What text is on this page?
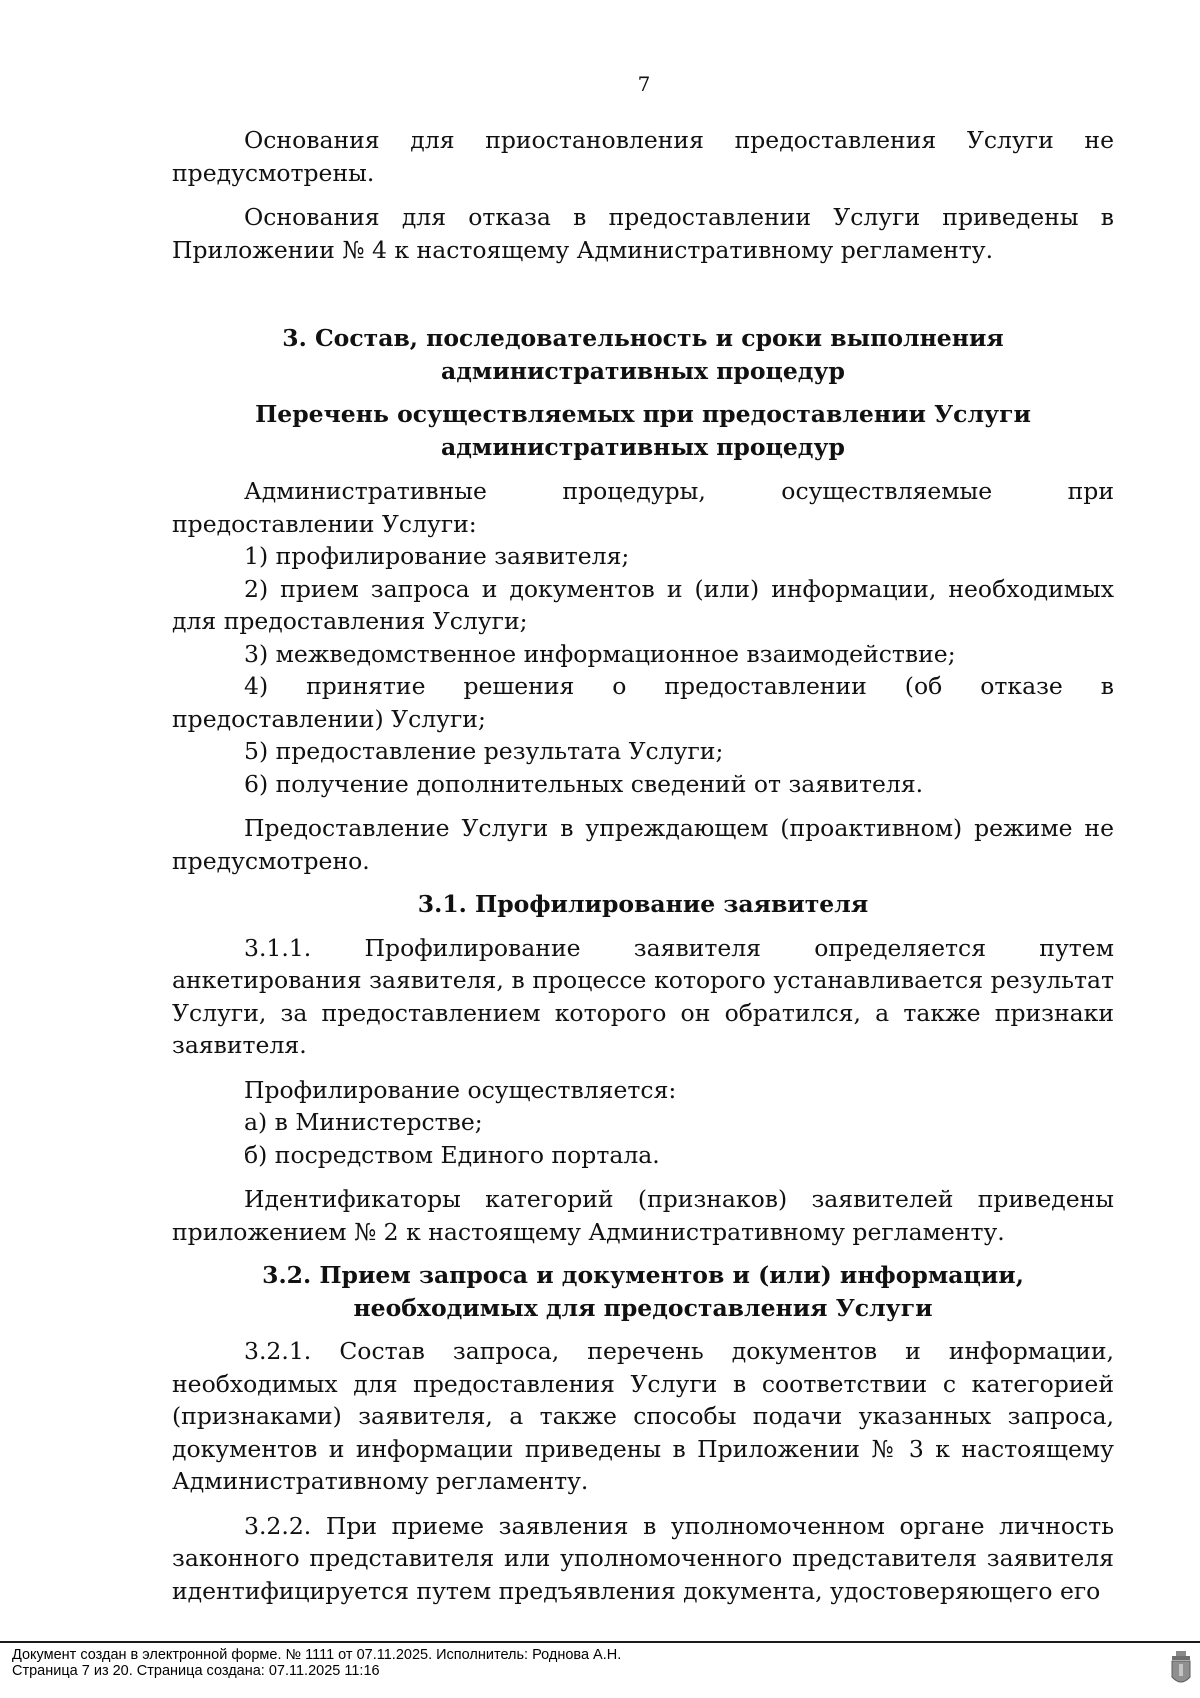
7

Основания для приостановления предоставления Услуги не предусмотрены.

Основания для отказа в предоставлении Услуги приведены в Приложении № 4 к настоящему Административному регламенту.

3. Состав, последовательность и сроки выполнения административных процедур

Перечень осуществляемых при предоставлении Услуги административных процедур

Административные процедуры, осуществляемые при предоставлении Услуги:

1) профилирование заявителя;

2) прием запроса и документов и (или) информации, необходимых для предоставления Услуги;

3) межведомственное информационное взаимодействие;

4) принятие решения о предоставлении (об отказе в предоставлении) Услуги;

5) предоставление результата Услуги;

6) получение дополнительных сведений от заявителя.

Предоставление Услуги в упреждающем (проактивном) режиме не предусмотрено.

3.1. Профилирование заявителя

3.1.1. Профилирование заявителя определяется путем анкетирования заявителя, в процессе которого устанавливается результат Услуги, за предоставлением которого он обратился, а также признаки заявителя.

Профилирование осуществляется:

а) в Министерстве;

б) посредством Единого портала.

Идентификаторы категорий (признаков) заявителей приведены приложением № 2 к настоящему Административному регламенту.

3.2. Прием запроса и документов и (или) информации, необходимых для предоставления Услуги

3.2.1. Состав запроса, перечень документов и информации, необходимых для предоставления Услуги в соответствии с категорией (признаками) заявителя, а также способы подачи указанных запроса, документов и информации приведены в Приложении № 3 к настоящему Административному регламенту.

3.2.2. При приеме заявления в уполномоченном органе личность законного представителя или уполномоченного представителя заявителя идентифицируется путем предъявления документа, удостоверяющего его

Документ создан в электронной форме. № 1111 от 07.11.2025. Исполнитель: Роднова А.Н.
Страница 7 из 20. Страница создана: 07.11.2025 11:16
